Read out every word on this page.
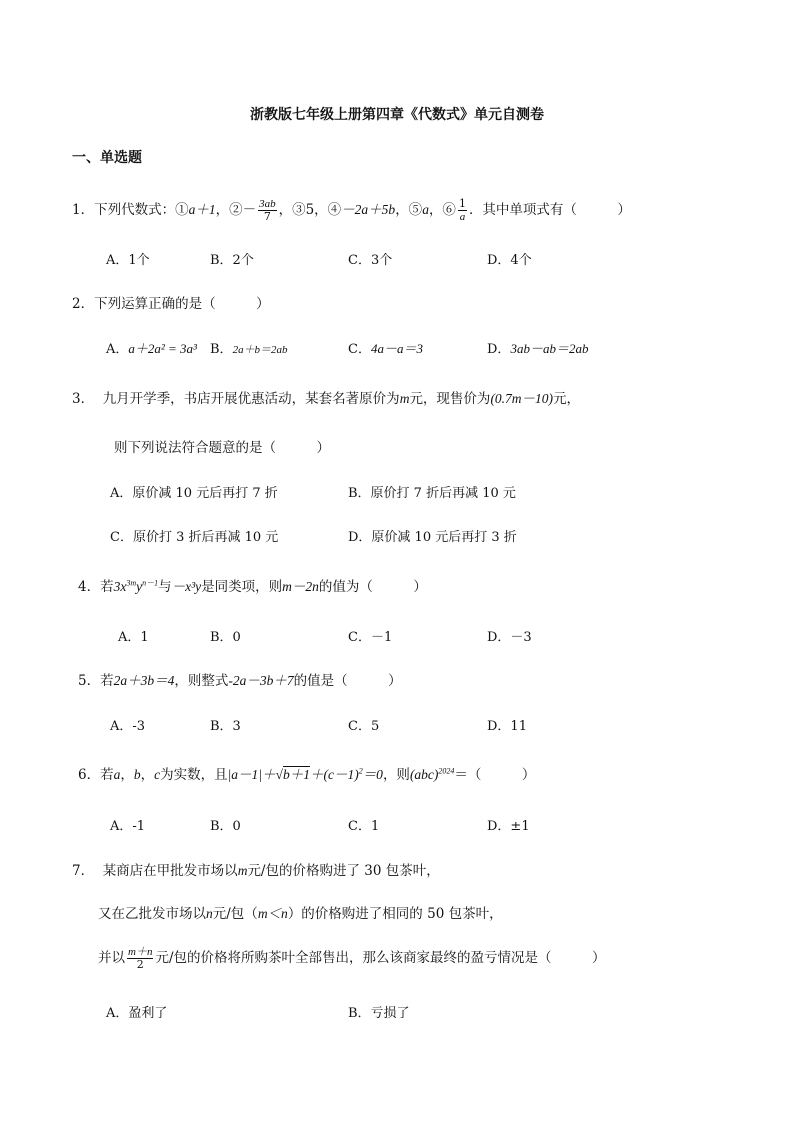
浙教版七年级上册第四章《代数式》单元自测卷
一、单选题
1．下列代数式：①a＋1，②－ $\frac{3ab}{7}$ ，③5，④－2a＋5b，⑤a，⑥ $\frac{1}{a}$ ．其中单项式有（　　　）
A．1个	B．2个	C．3个	D．4个
2．下列运算正确的是（　　　）
A．a＋2a² = 3a³ B．2a＋b＝2ab	C．4a－a＝3	D．3ab－ab＝2ab
3． 九月开学季，书店开展优惠活动，某套名著原价为m元，现售价为(0.7m－10)元，
则下列说法符合题意的是（　　　）
A．原价减 10 元后再打 7 折	B．原价打 7 折后再减 10 元
C．原价打 3 折后再减 10 元	D．原价减 10 元后再打 3 折
4．若$3x^{3m}y^{n-1}$与－x³y是同类项，则m－2n的值为（　　　）
A．1	B．0	C．－1	D．－3
5．若2a＋3b＝4，则整式-2a－3b＋7的值是（　　　）
A．-3	B．3	C．5	D．11
6．若a，b，c为实数，且$|a-1|+√b+1+(c-1)^2=0$，则(abc)$^{2024}$＝（　　　）
A．-1	B．0	C．1	D．±1
7． 某商店在甲批发市场以m元/包的价格购进了 30 包茶叶，
又在乙批发市场以n元/包（m＜n）的价格购进了相同的 50 包茶叶，
并以 $\frac{m+n}{2}$ 元/包的价格将所购茶叶全部售出，那么该商家最终的盈亏情况是（　　　）
A．盈利了	B．亏损了
